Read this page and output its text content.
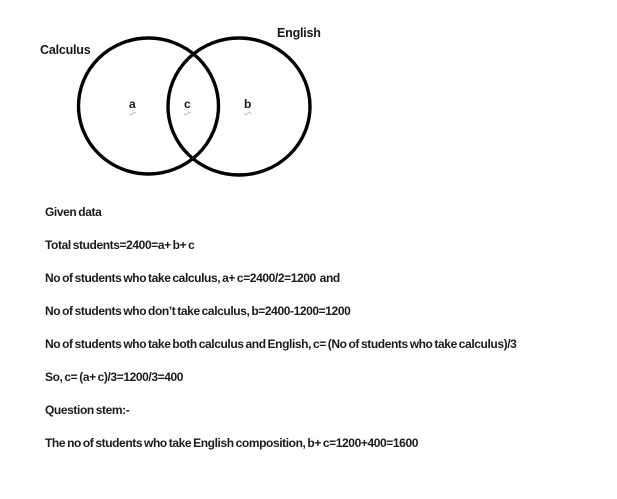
Calculus
English
a	c	b

Given data

Total students=2400=a+ b+ c

No of students who take calculus, a+ c=2400/2=1200  and

No of students who don’t take calculus, b=2400-1200=1200

No of students who take both calculus and English, c= (No of students who take calculus)/3

So, c= (a+ c)/3=1200/3=400

Question stem:-

The no of students who take English composition, b+ c=1200+400=1600
